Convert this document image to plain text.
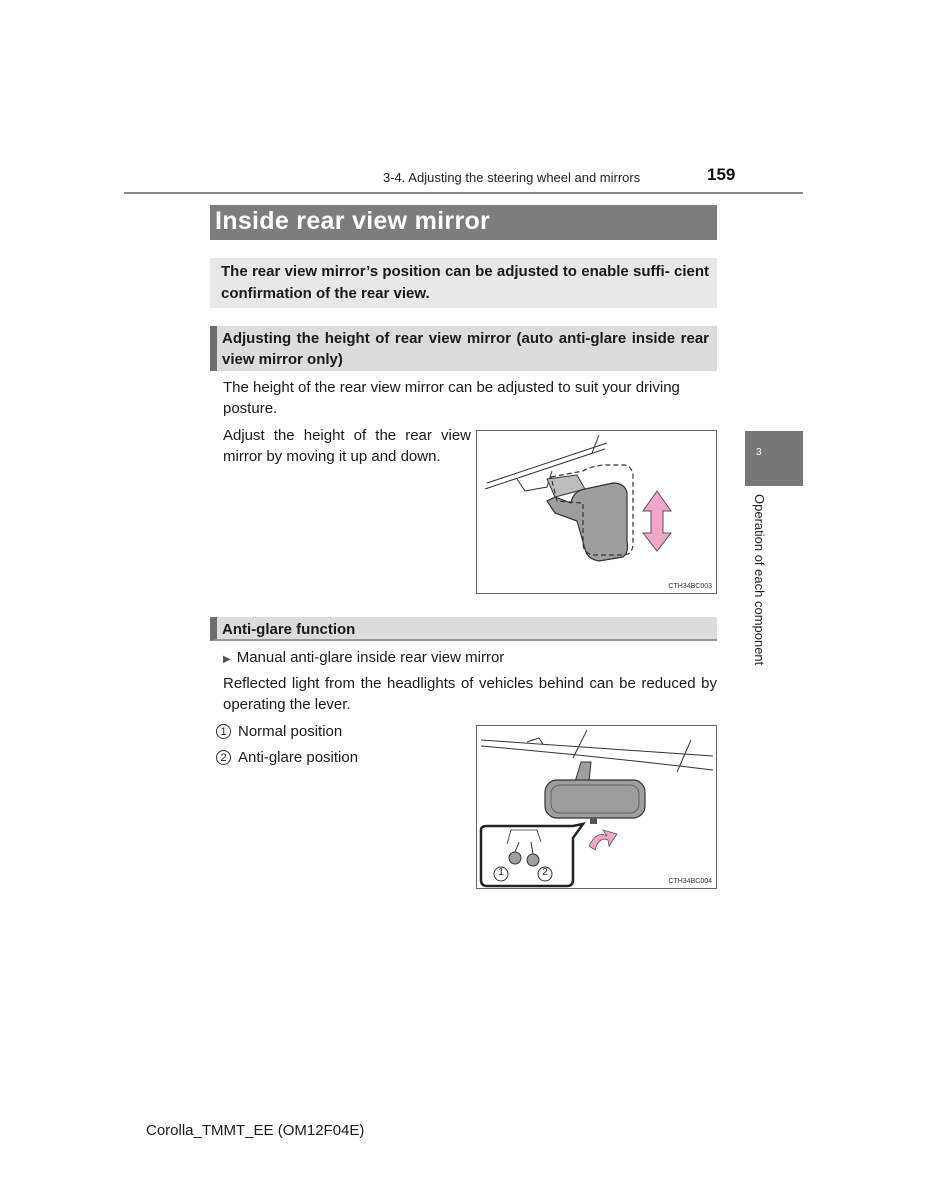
3-4. Adjusting the steering wheel and mirrors	159
Inside rear view mirror
The rear view mirror’s position can be adjusted to enable suffi- cient confirmation of the rear view.
Adjusting the height of rear view mirror (auto anti-glare inside rear view mirror only)
The height of the rear view mirror can be adjusted to suit your driving posture.
Adjust the height of the rear view mirror by moving it up and down.
CTH34BC003
Anti-glare function
▶ Manual anti-glare inside rear view mirror
Reflected light from the headlights of vehicles behind can be reduced by operating the lever.
1 Normal position
2 Anti-glare position
1	2
CTH34BC004
3
Operation of each component
Corolla_TMMT_EE (OM12F04E)
